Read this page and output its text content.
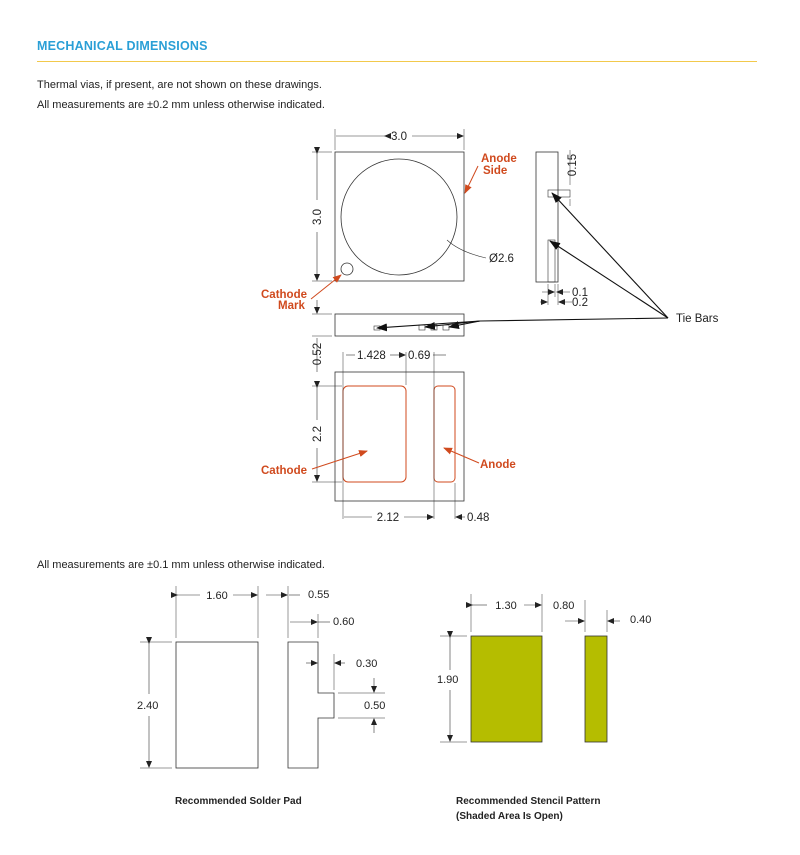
MECHANICAL DIMENSIONS
Thermal vias, if present, are not shown on these drawings.
All measurements are ±0.2 mm unless otherwise indicated.
All measurements are ±0.1 mm unless otherwise indicated.
3.0
3.0
Ø2.6
Anode
Side
Cathode
Mark
0.15
0.1
0.2
0.52
Tie Bars
1.428 0.69
2.2
2.12	0.48
Cathode	Anode
1.60	0.55
0.60
0.30
0.50
2.40
1.30	0.80
0.40
1.90
Recommended Solder Pad	Recommended Stencil Pattern
(Shaded Area Is Open)
